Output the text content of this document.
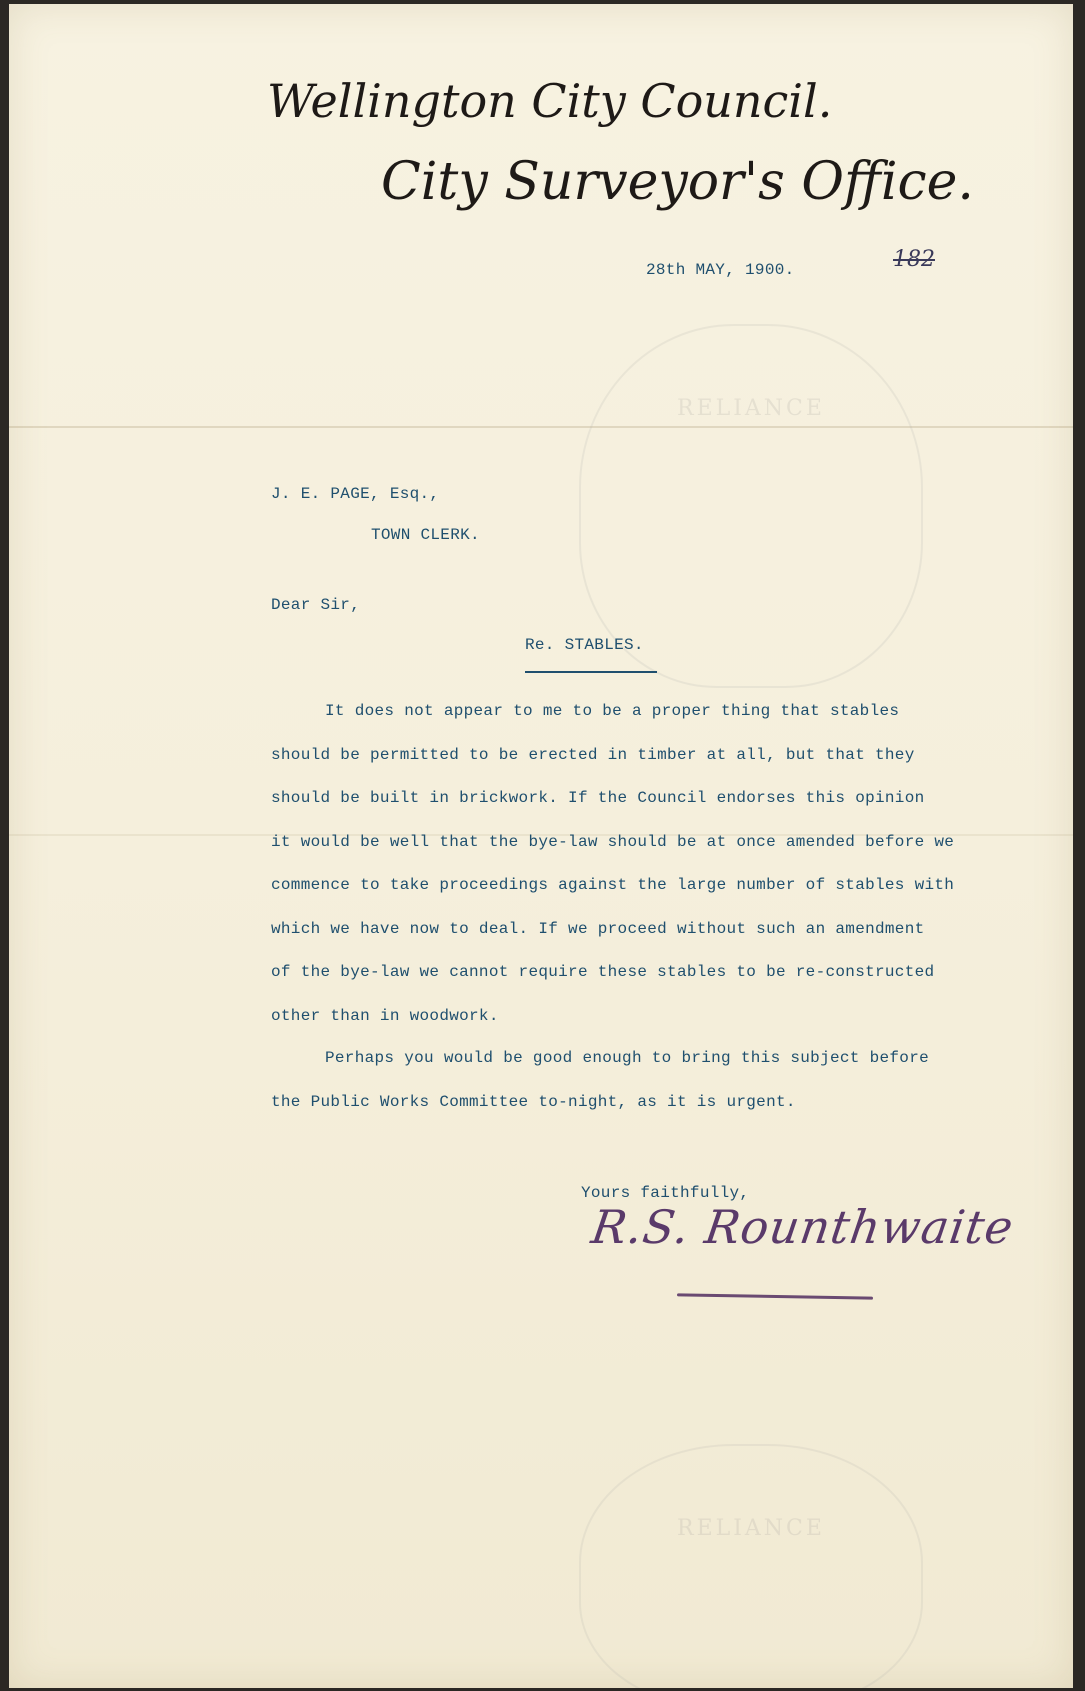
RELIANCE
RELIANCE
Wellington City Council.
City Surveyor's Office.
28th MAY, 1900.	182
J. E. PAGE, Esq.,
TOWN CLERK.
Dear Sir,
Re. STABLES.
It does not appear to me to be a proper thing that stables
should be permitted to be erected in timber at all, but that they
should be built in brickwork. If the Council endorses this opinion
it would be well that the bye-law should be at once amended before we
commence to take proceedings against the large number of stables with
which we have now to deal. If we proceed without such an amendment
of the bye-law we cannot require these stables to be re-constructed
other than in woodwork.
Perhaps you would be good enough to bring this subject before
the Public Works Committee to-night, as it is urgent.
Yours faithfully,
R.S. Rounthwaite
